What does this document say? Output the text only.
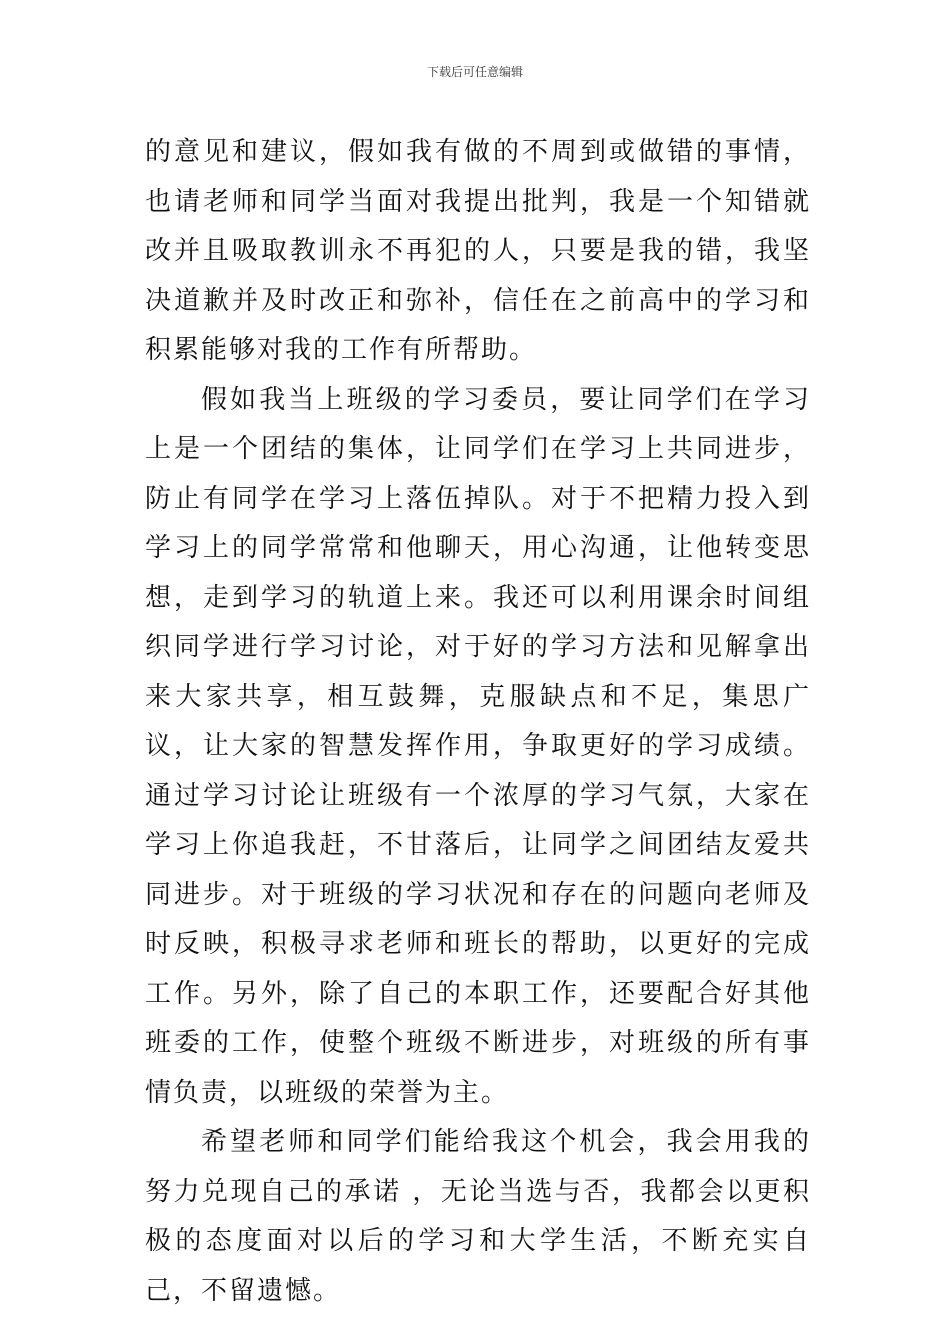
下载后可任意编辑

的意见和建议，假如我有做的不周到或做错的事情，也请老师和同学当面对我提出批判，我是一个知错就改并且吸取教训永不再犯的人，只要是我的错，我坚决道歉并及时改正和弥补，信任在之前高中的学习和积累能够对我的工作有所帮助。

假如我当上班级的学习委员，要让同学们在学习上是一个团结的集体，让同学们在学习上共同进步，防止有同学在学习上落伍掉队。对于不把精力投入到学习上的同学常常和他聊天，用心沟通，让他转变思想，走到学习的轨道上来。我还可以利用课余时间组织同学进行学习讨论，对于好的学习方法和见解拿出来大家共享，相互鼓舞，克服缺点和不足，集思广议，让大家的智慧发挥作用，争取更好的学习成绩。通过学习讨论让班级有一个浓厚的学习气氛，大家在学习上你追我赶，不甘落后，让同学之间团结友爱共同进步。对于班级的学习状况和存在的问题向老师及时反映，积极寻求老师和班长的帮助，以更好的完成工作。另外，除了自己的本职工作，还要配合好其他班委的工作，使整个班级不断进步，对班级的所有事情负责，以班级的荣誉为主。

希望老师和同学们能给我这个机会，我会用我的努力兑现自己的承诺 ，无论当选与否，我都会以更积极的态度面对以后的学习和大学生活，不断充实自己，不留遗憾。
